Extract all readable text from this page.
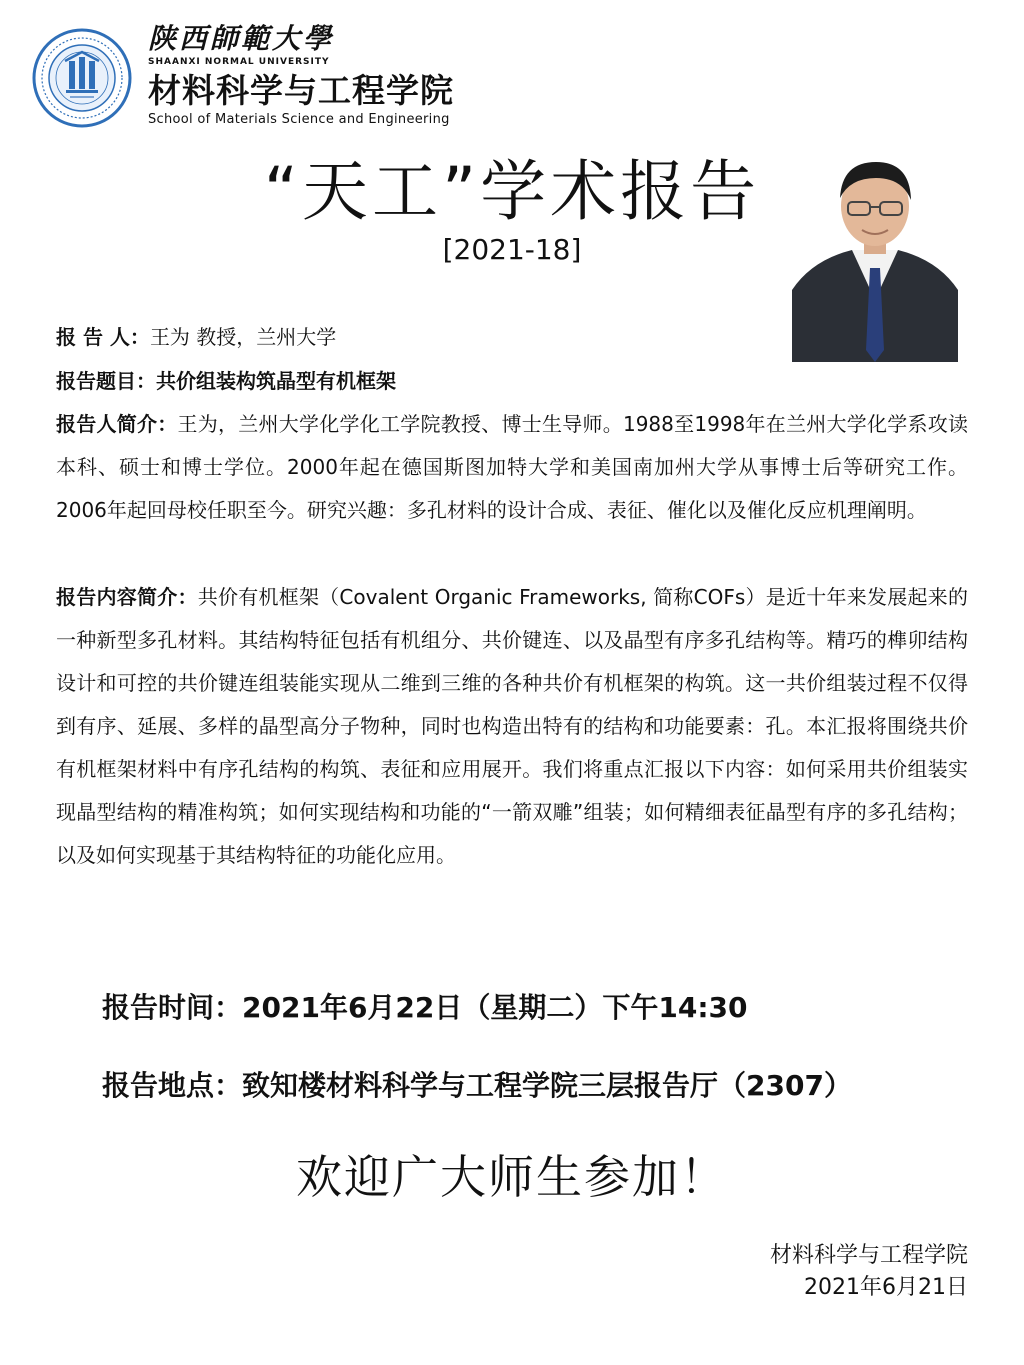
陕西師範大學
SHAANXI NORMAL UNIVERSITY
材料科学与工程学院
School of Materials Science and Engineering
“天工”学术报告
[2021-18]
报 告 人：王为 教授，兰州大学
报告题目：共价组装构筑晶型有机框架
报告人简介：王为，兰州大学化学化工学院教授、博士生导师。1988至1998年在兰州大学化学系攻读本科、硕士和博士学位。2000年起在德国斯图加特大学和美国南加州大学从事博士后等研究工作。2006年起回母校任职至今。研究兴趣：多孔材料的设计合成、表征、催化以及催化反应机理阐明。
报告内容简介：共价有机框架（Covalent Organic Frameworks, 简称COFs）是近十年来发展起来的一种新型多孔材料。其结构特征包括有机组分、共价键连、以及晶型有序多孔结构等。精巧的榫卯结构设计和可控的共价键连组装能实现从二维到三维的各种共价有机框架的构筑。这一共价组装过程不仅得到有序、延展、多样的晶型高分子物种，同时也构造出特有的结构和功能要素：孔。本汇报将围绕共价有机框架材料中有序孔结构的构筑、表征和应用展开。我们将重点汇报以下内容：如何采用共价组装实现晶型结构的精准构筑；如何实现结构和功能的“一箭双雕”组装；如何精细表征晶型有序的多孔结构；以及如何实现基于其结构特征的功能化应用。
报告时间：2021年6月22日（星期二）下午14:30
报告地点：致知楼材料科学与工程学院三层报告厅（2307）
欢迎广大师生参加！
材料科学与工程学院
2021年6月21日
